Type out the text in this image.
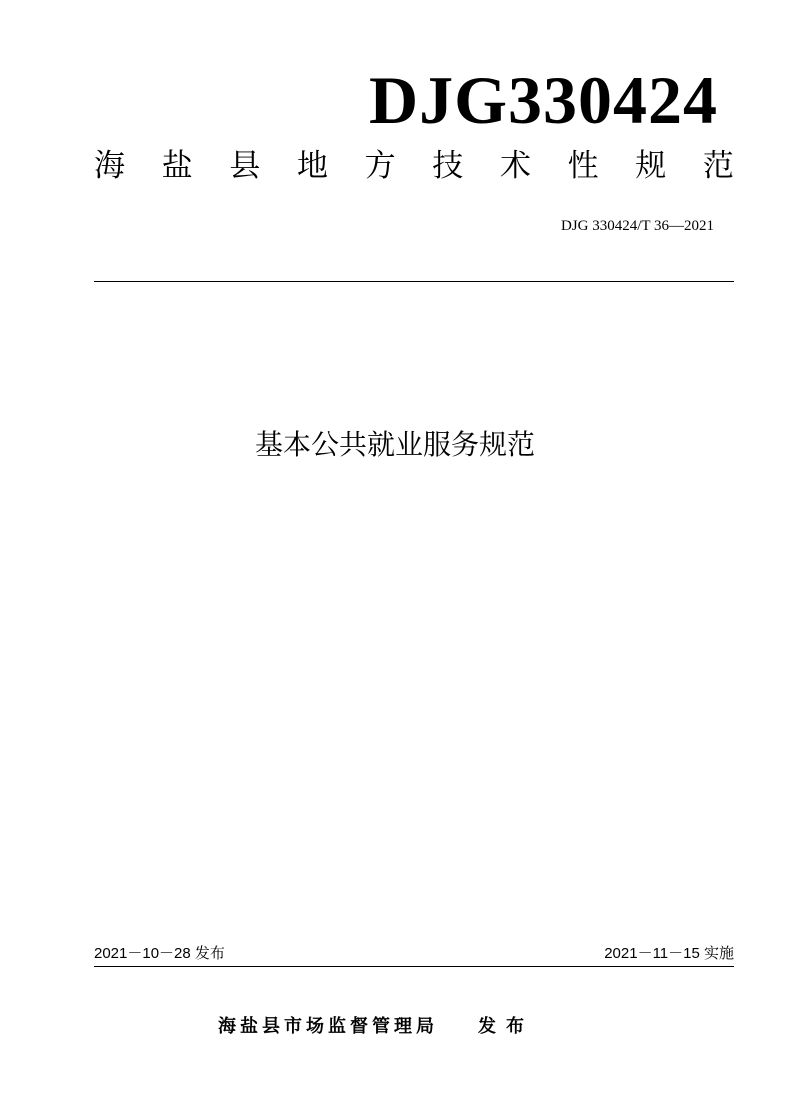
DJG330424
海 盐 县 地 方 技 术 性 规 范
DJG 330424/T 36—2021
基本公共就业服务规范
2021－10－28 发布	2021－11－15 实施
海盐县市场监督管理局 发布
